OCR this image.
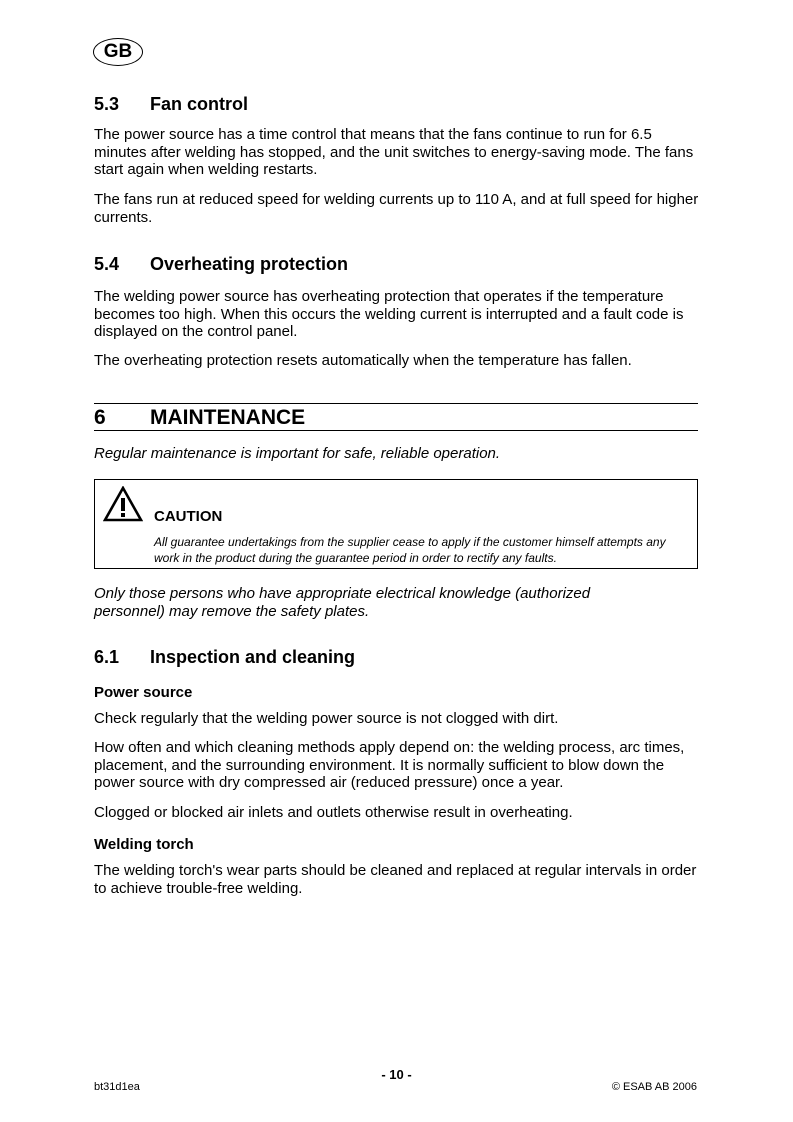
GB
5.3 Fan control
The power source has a time control that means that the fans continue to run for 6.5 minutes after welding has stopped, and the unit switches to energy-saving mode. The fans start again when welding restarts.
The fans run at reduced speed for welding currents up to 110 A, and at full speed for higher currents.
5.4 Overheating protection
The welding power source has overheating protection that operates if the temperature becomes too high. When this occurs the welding current is interrupted and a fault code is displayed on the control panel.
The overheating protection resets automatically when the temperature has fallen.
6 MAINTENANCE
Regular maintenance is important for safe, reliable operation.
CAUTION
All guarantee undertakings from the supplier cease to apply if the customer himself attempts any work in the product during the guarantee period in order to rectify any faults.
Only those persons who have appropriate electrical knowledge (authorized personnel) may remove the safety plates.
6.1 Inspection and cleaning
Power source
Check regularly that the welding power source is not clogged with dirt.
How often and which cleaning methods apply depend on: the welding process, arc times, placement, and the surrounding environment. It is normally sufficient to blow down the power source with dry compressed air (reduced pressure) once a year.
Clogged or blocked air inlets and outlets otherwise result in overheating.
Welding torch
The welding torch's wear parts should be cleaned and replaced at regular intervals in order to achieve trouble-free welding.
- 10 -
bt31d1ea	© ESAB AB 2006
